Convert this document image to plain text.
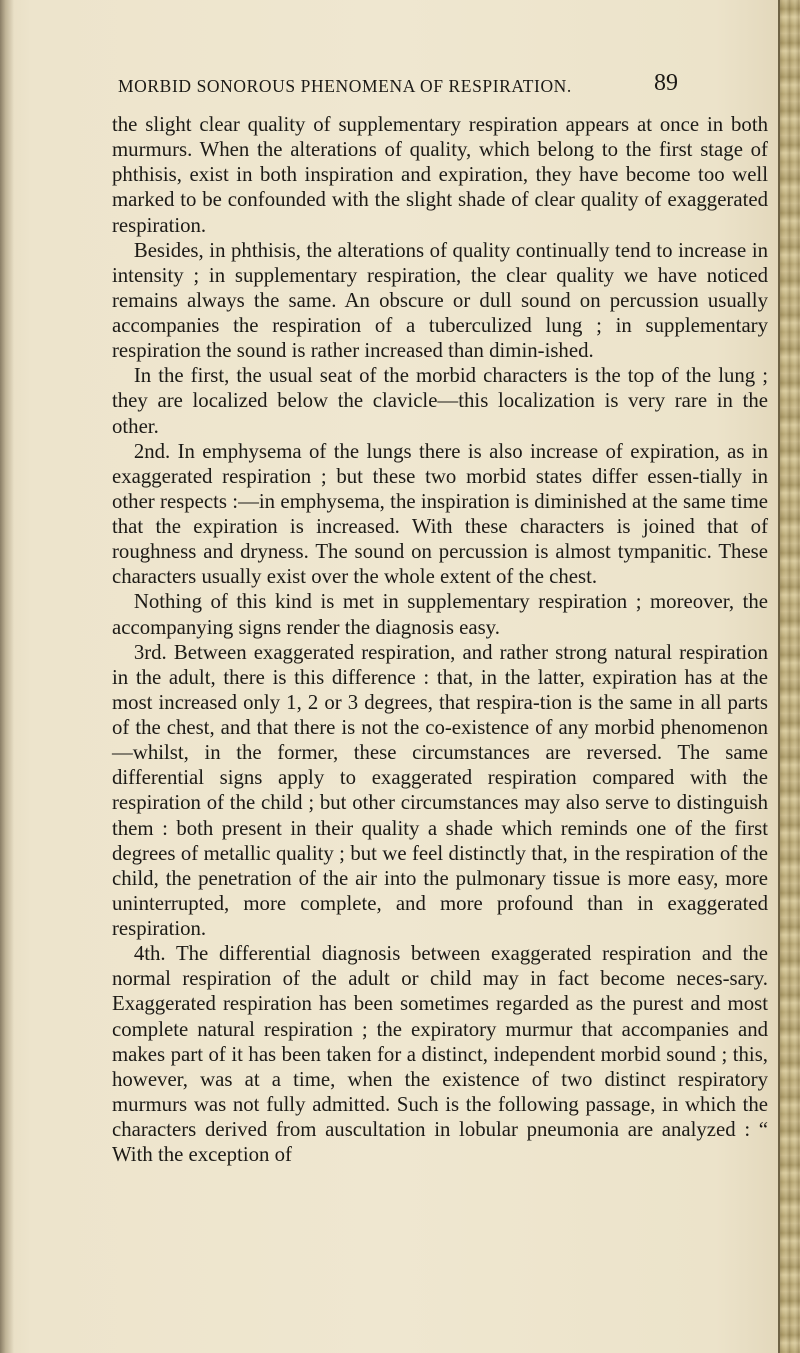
MORBID SONOROUS PHENOMENA OF RESPIRATION.	89

the slight clear quality of supplementary respiration appears at once in both murmurs. When the alterations of quality, which belong to the first stage of phthisis, exist in both inspiration and expiration, they have become too well marked to be confounded with the slight shade of clear quality of exaggerated respiration.

Besides, in phthisis, the alterations of quality continually tend to increase in intensity ; in supplementary respiration, the clear quality we have noticed remains always the same. An obscure or dull sound on percussion usually accompanies the respiration of a tuberculized lung ; in supplementary respiration the sound is rather increased than dimin-ished.

In the first, the usual seat of the morbid characters is the top of the lung ; they are localized below the clavicle—this localization is very rare in the other.

2nd. In emphysema of the lungs there is also increase of expiration, as in exaggerated respiration ; but these two morbid states differ essen-tially in other respects :—in emphysema, the inspiration is diminished at the same time that the expiration is increased. With these characters is joined that of roughness and dryness. The sound on percussion is almost tympanitic. These characters usually exist over the whole extent of the chest.

Nothing of this kind is met in supplementary respiration ; moreover, the accompanying signs render the diagnosis easy.

3rd. Between exaggerated respiration, and rather strong natural respiration in the adult, there is this difference : that, in the latter, expiration has at the most increased only 1, 2 or 3 degrees, that respira-tion is the same in all parts of the chest, and that there is not the co-existence of any morbid phenomenon—whilst, in the former, these circumstances are reversed. The same differential signs apply to exaggerated respiration compared with the respiration of the child ; but other circumstances may also serve to distinguish them : both present in their quality a shade which reminds one of the first degrees of metallic quality ; but we feel distinctly that, in the respiration of the child, the penetration of the air into the pulmonary tissue is more easy, more uninterrupted, more complete, and more profound than in exaggerated respiration.

4th. The differential diagnosis between exaggerated respiration and the normal respiration of the adult or child may in fact become neces-sary. Exaggerated respiration has been sometimes regarded as the purest and most complete natural respiration ; the expiratory murmur that accompanies and makes part of it has been taken for a distinct, independent morbid sound ; this, however, was at a time, when the existence of two distinct respiratory murmurs was not fully admitted. Such is the following passage, in which the characters derived from auscultation in lobular pneumonia are analyzed : “ With the exception of
